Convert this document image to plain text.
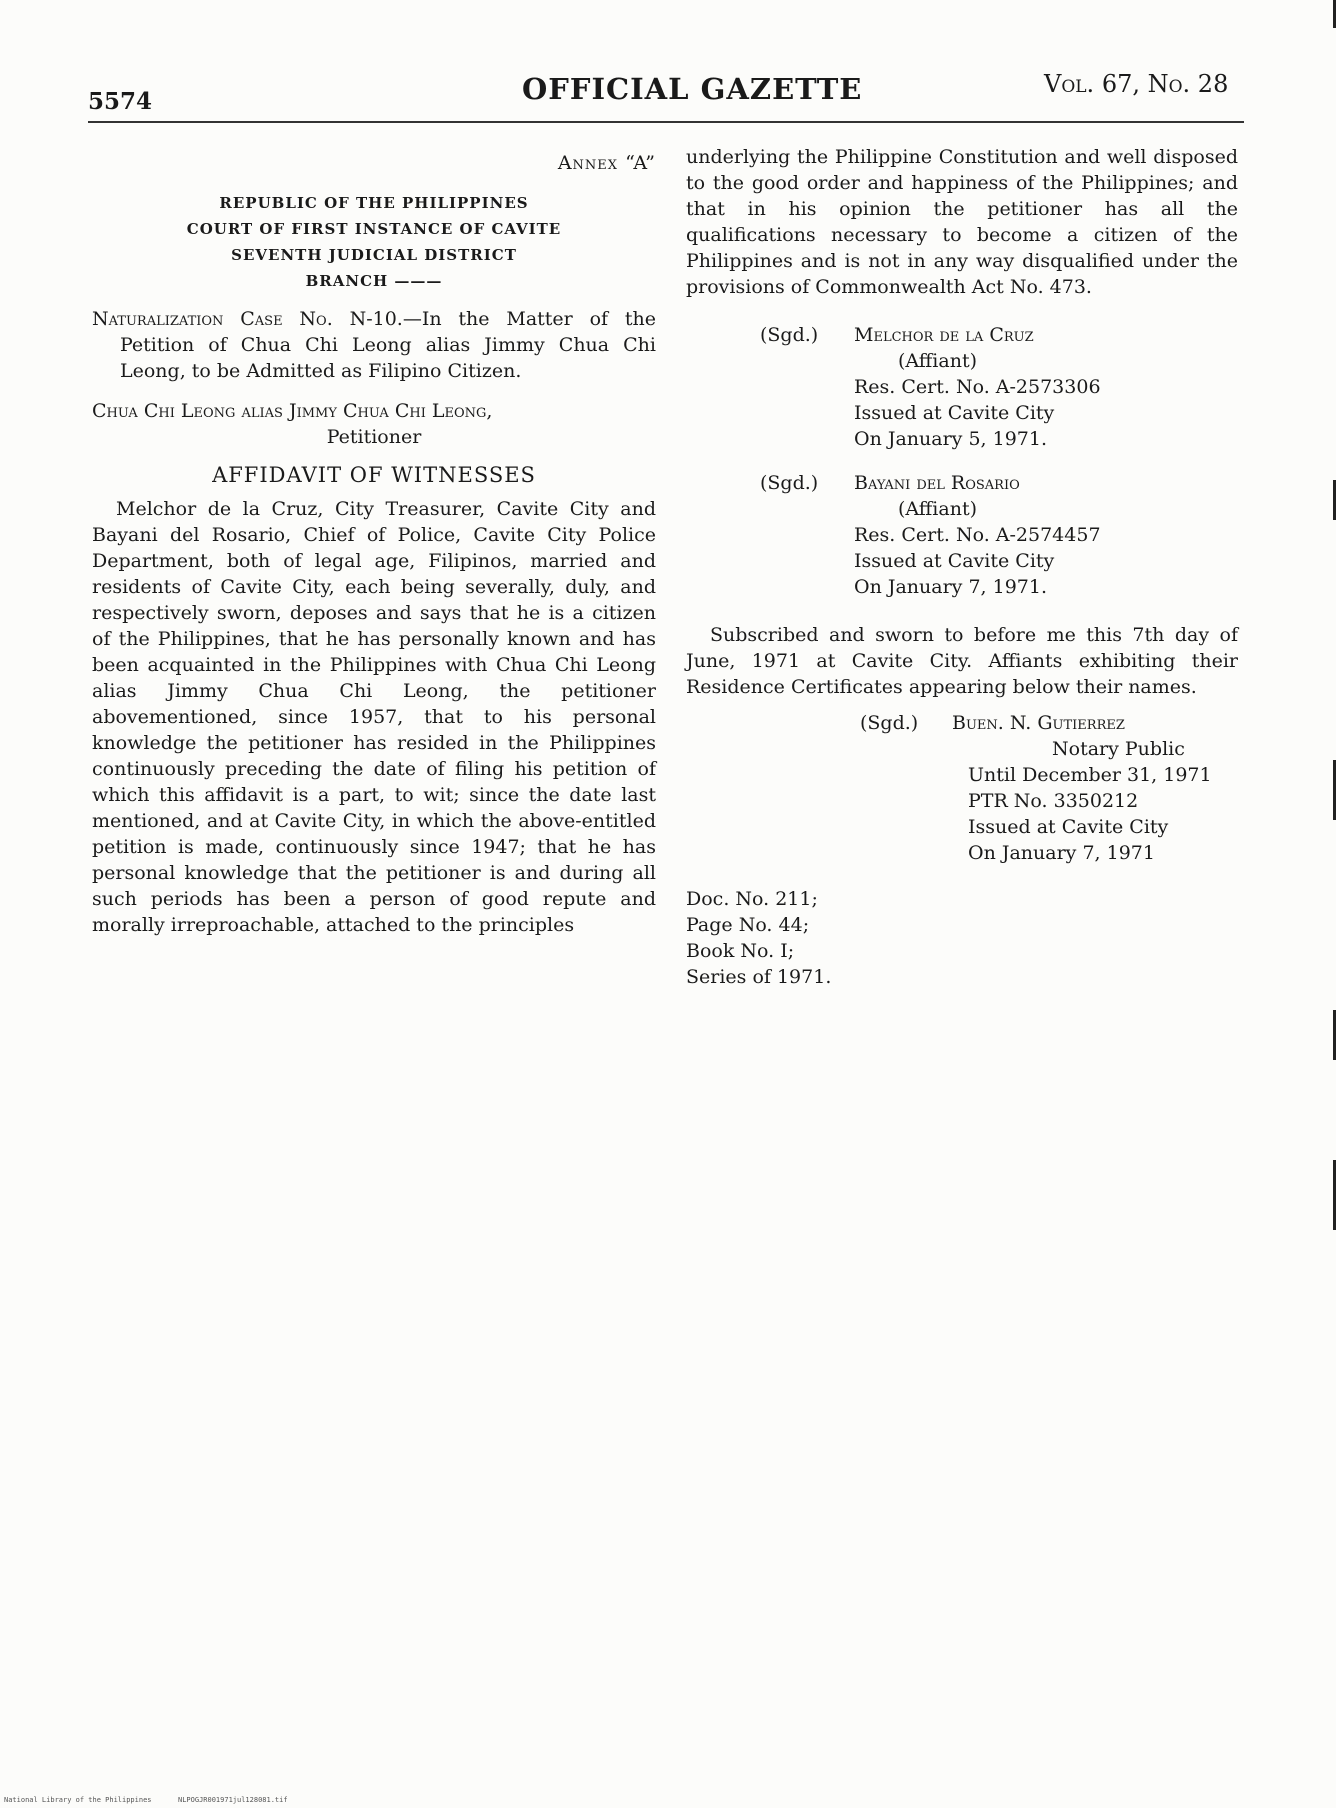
5574	OFFICIAL GAZETTE	Vol. 67, No. 28
Annex “A”
REPUBLIC OF THE PHILIPPINES
COURT OF FIRST INSTANCE OF CAVITE
SEVENTH JUDICIAL DISTRICT
BRANCH ———

Naturalization Case No. N-10.—In the Matter of the Petition of Chua Chi Leong alias Jimmy Chua Chi Leong, to be Admitted as Filipino Citizen.

Chua Chi Leong alias Jimmy Chua Chi Leong,

Petitioner
AFFIDAVIT OF WITNESSES

Melchor de la Cruz, City Treasurer, Cavite City and Bayani del Rosario, Chief of Police, Cavite City Police Department, both of legal age, Filipinos, married and residents of Cavite City, each being severally, duly, and respectively sworn, deposes and says that he is a citizen of the Philippines, that he has personally known and has been acquainted in the Philippines with Chua Chi Leong alias Jimmy Chua Chi Leong, the petitioner abovementioned, since 1957, that to his personal knowledge the petitioner has resided in the Philippines continuously preceding the date of filing his petition of which this affidavit is a part, to wit; since the date last mentioned, and at Cavite City, in which the above-entitled petition is made, continuously since 1947; that he has personal knowledge that the petitioner is and during all such periods has been a person of good repute and morally irreproachable, attached to the principles

underlying the Philippine Constitution and well disposed to the good order and happiness of the Philippines; and that in his opinion the petitioner has all the qualifications necessary to become a citizen of the Philippines and is not in any way disqualified under the provisions of Commonwealth Act No. 473.

(Sgd.) Melchor de la Cruz
(Affiant)
Res. Cert. No. A-2573306
Issued at Cavite City
On January 5, 1971.
(Sgd.) Bayani del Rosario
(Affiant)
Res. Cert. No. A-2574457
Issued at Cavite City
On January 7, 1971.

Subscribed and sworn to before me this 7th day of June, 1971 at Cavite City. Affiants exhibiting their Residence Certificates appearing below their names.

(Sgd.) Buen. N. Gutierrez
Notary Public
Until December 31, 1971
PTR No. 3350212
Issued at Cavite City
On January 7, 1971
Doc. No. 211;
Page No. 44;
Book No. I;
Series of 1971.
National Library of the Philippines	NLPOGJR001971jul128081.tif
